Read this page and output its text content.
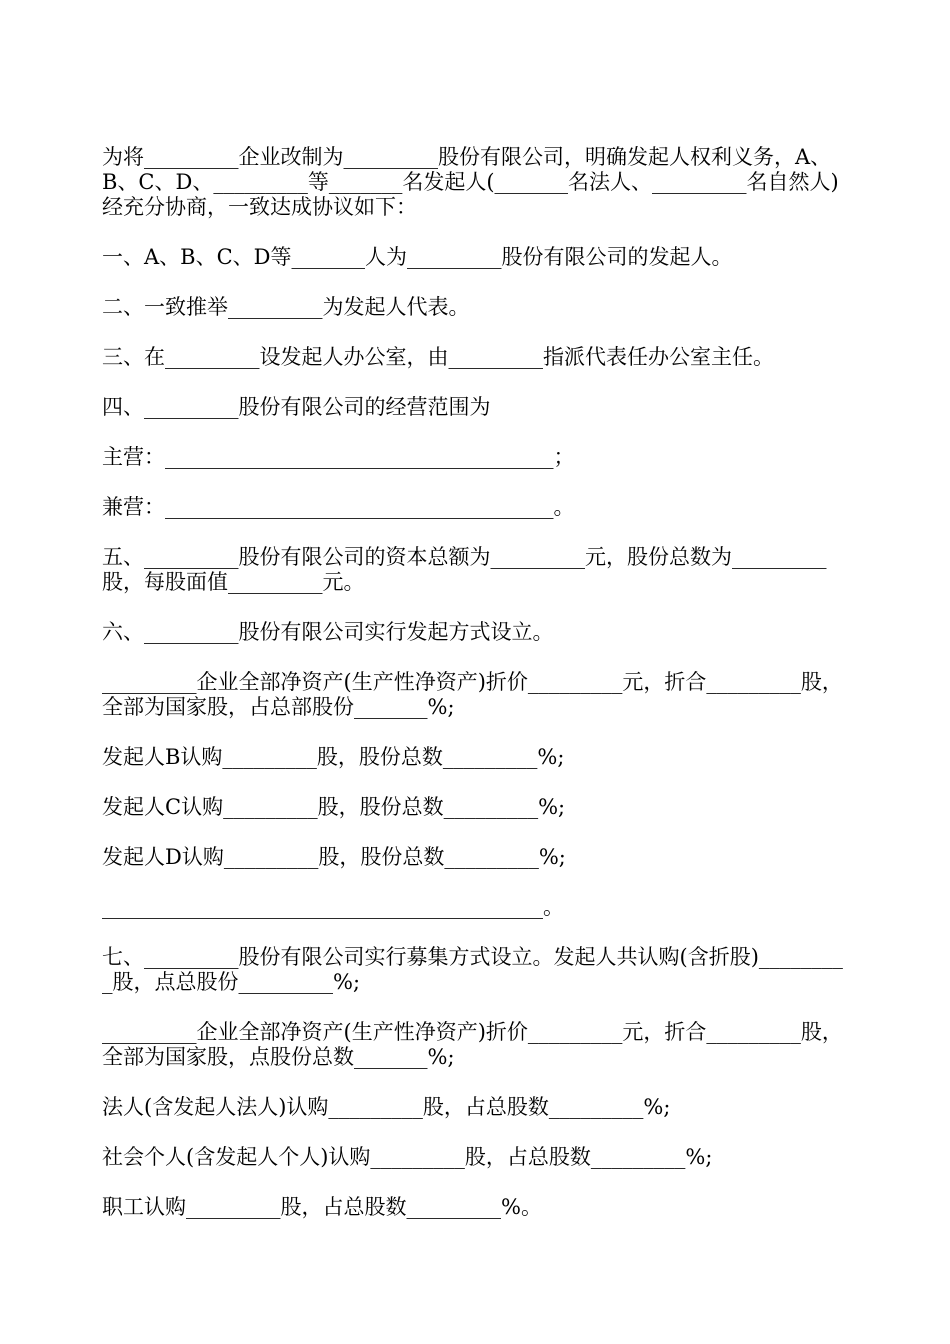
为将_________企业改制为_________股份有限公司，明确发起人权利义务，A、B、C、D、_________等_______名发起人(_______名法人、_________名自然人)经充分协商，一致达成协议如下：

一、A、B、C、D等_______人为_________股份有限公司的发起人。

二、一致推举_________为发起人代表。

三、在_________设发起人办公室，由_________指派代表任办公室主任。

四、_________股份有限公司的经营范围为

主营：_____________________________________；

兼营：_____________________________________。

五、_________股份有限公司的资本总额为_________元，股份总数为_________股，每股面值_________元。

六、_________股份有限公司实行发起方式设立。

_________企业全部净资产(生产性净资产)折价_________元，折合_________股，全部为国家股，占总部股份_______%;

发起人B认购_________股，股份总数_________%;

发起人C认购_________股，股份总数_________%;

发起人D认购_________股，股份总数_________%;

__________________________________________。

七、_________股份有限公司实行募集方式设立。发起人共认购(含折股)_________股，点总股份_________%;

_________企业全部净资产(生产性净资产)折价_________元，折合_________股，全部为国家股，点股份总数_______%;

法人(含发起人法人)认购_________股，占总股数_________%;

社会个人(含发起人个人)认购_________股，占总股数_________%;

职工认购_________股，占总股数_________%。
